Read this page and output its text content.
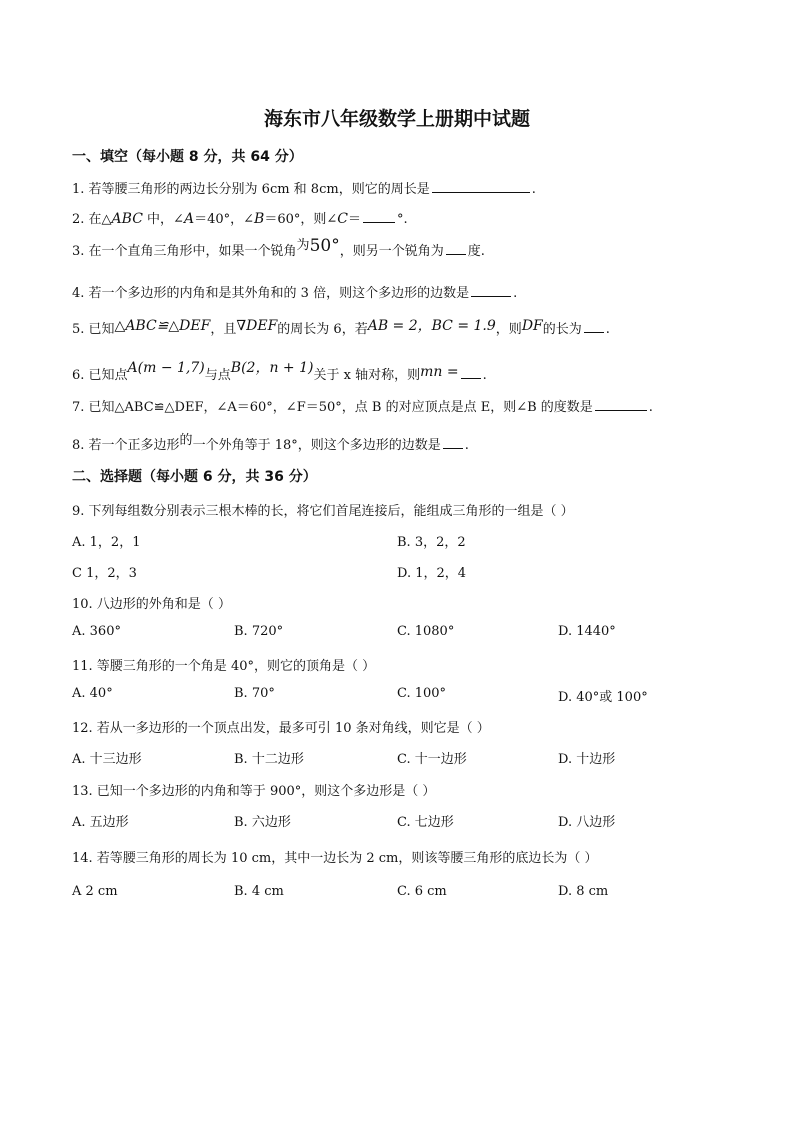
海东市八年级数学上册期中试题
一、填空（每小题 8 分，共 64 分）
1. 若等腰三角形的两边长分别为 6cm 和 8cm，则它的周长是	.
2. 在△ABC 中，∠A＝40°，∠B＝60°，则∠C＝	°.
3. 在一个直角三角形中，如果一个锐角为50°，则另一个锐角为 度.
4. 若一个多边形的内角和是其外角和的 3 倍，则这个多边形的边数是	.
5. 已知△ABC≌△DEF，且∇DEF的周长为 6，若AB = 2，BC = 1.9，则DF的长为 .
6. 已知点A(m − 1,7)与点B(2，n + 1)关于 x 轴对称，则mn = .
7. 已知△ABC≌△DEF，∠A＝60°，∠F＝50°，点 B 的对应顶点是点 E，则∠B 的度数是	.
8. 若一个正多边形的一个外角等于 18°，则这个多边形的边数是 .
二、选择题（每小题 6 分，共 36 分）
9. 下列每组数分别表示三根木棒的长，将它们首尾连接后，能组成三角形的一组是（ ）
A. 1，2，1	B. 3，2，2
C 1，2，3	D. 1，2，4
10. 八边形的外角和是（ ）
A. 360°	B. 720°	C. 1080°	D. 1440°
11. 等腰三角形的一个角是 40°，则它的顶角是（ ）
A. 40°	B. 70°	C. 100°	D. 40°或 100°
12. 若从一多边形的一个顶点出发，最多可引 10 条对角线，则它是（ ）
A. 十三边形	B. 十二边形	C. 十一边形	D. 十边形
13. 已知一个多边形的内角和等于 900°，则这个多边形是（ ）
A. 五边形	B. 六边形	C. 七边形	D. 八边形
14. 若等腰三角形的周长为 10 cm，其中一边长为 2 cm，则该等腰三角形的底边长为（ ）
A 2 cm	B. 4 cm	C. 6 cm	D. 8 cm
